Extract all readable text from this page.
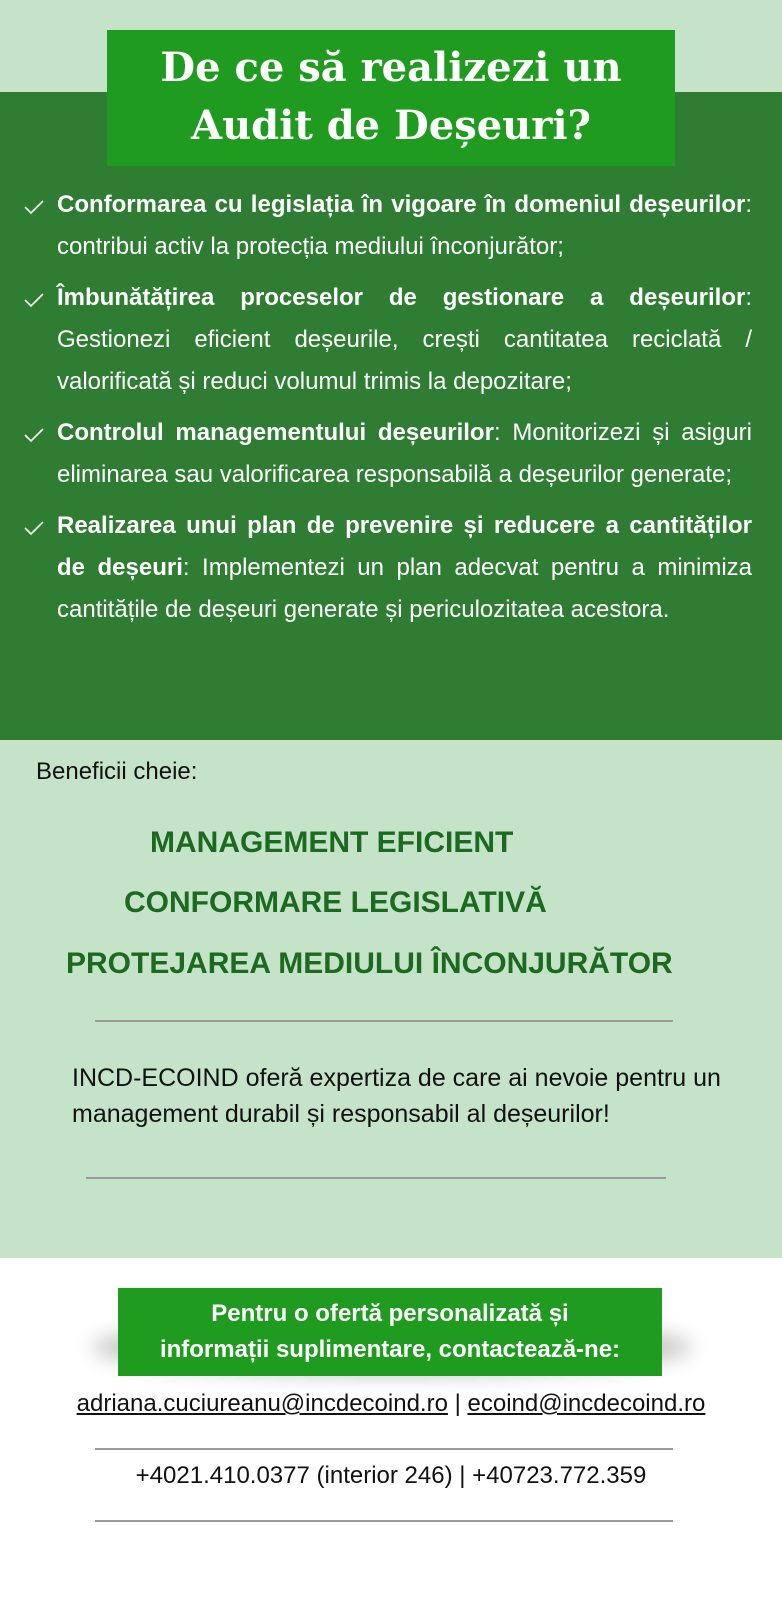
De ce să realizezi un
Audit de Deșeuri?
Conformarea cu legislația în vigoare în domeniul deșeurilor: contribui activ la protecția mediului înconjurător;
Îmbunătățirea proceselor de gestionare a deșeurilor: Gestionezi eficient deșeurile, crești cantitatea reciclată / valorificată și reduci volumul trimis la depozitare;
Controlul managementului deșeurilor: Monitorizezi și asiguri eliminarea sau valorificarea responsabilă a deșeurilor generate;
Realizarea unui plan de prevenire și reducere a cantităților de deșeuri: Implementezi un plan adecvat pentru a minimiza cantitățile de deșeuri generate și periculozitatea acestora.
Beneficii cheie:
MANAGEMENT EFICIENT
CONFORMARE LEGISLATIVĂ
PROTEJAREA MEDIULUI ÎNCONJURĂTOR
INCD-ECOIND oferă expertiza de care ai nevoie pentru un management durabil și responsabil al deșeurilor!
Pentru o ofertă personalizată și
informații suplimentare, contactează-ne:
adriana.cuciureanu@incdecoind.ro | ecoind@incdecoind.ro
+4021.410.0377 (interior 246) | +40723.772.359
